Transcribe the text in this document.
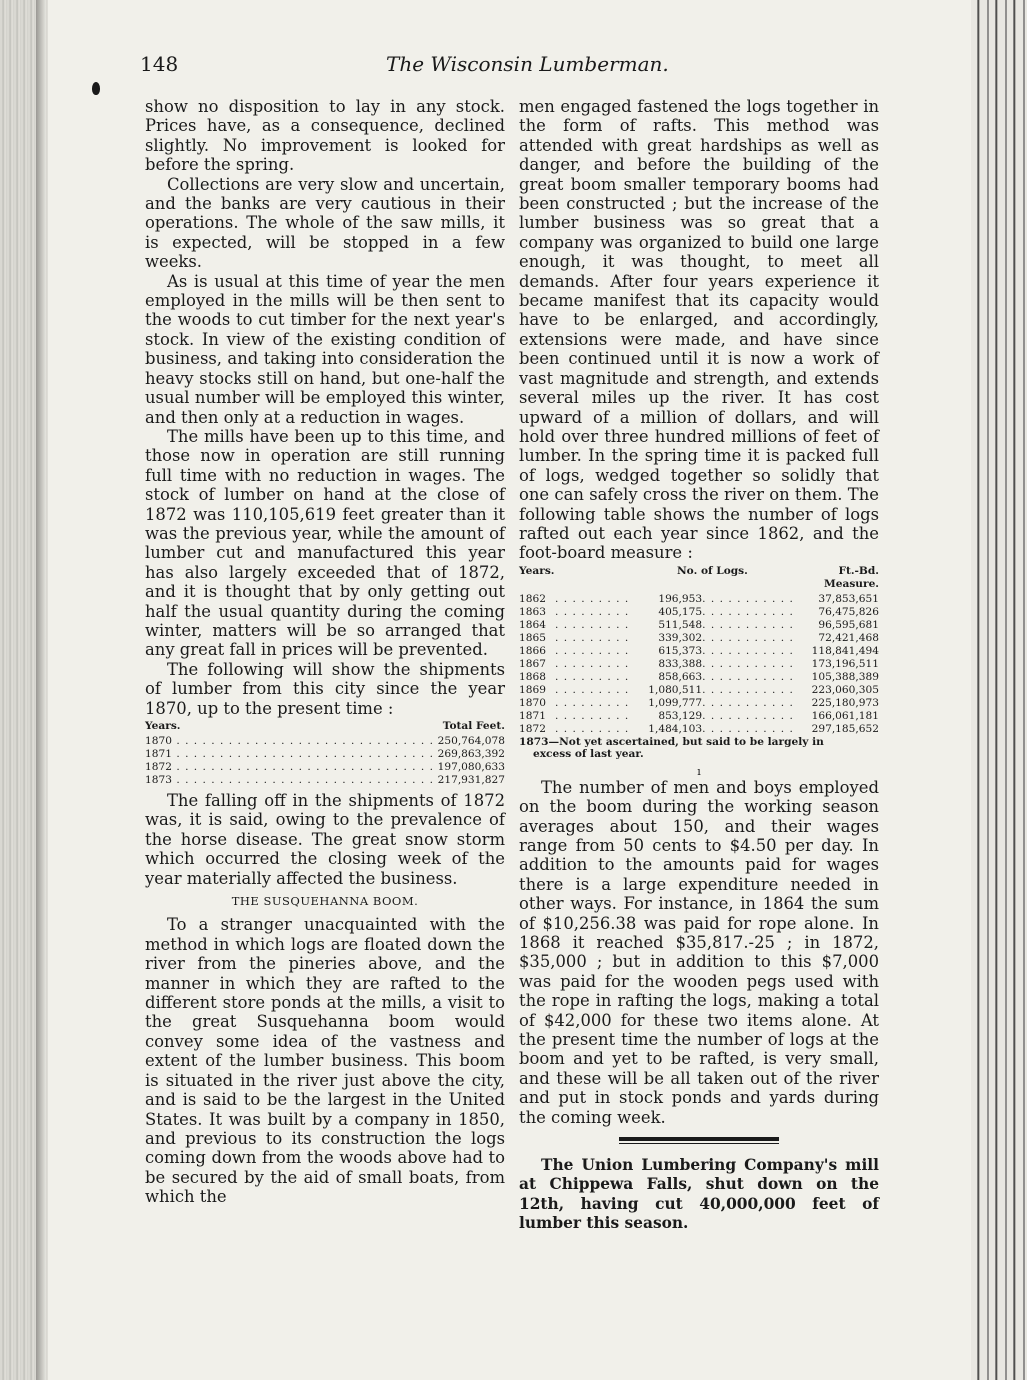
148	The Wisconsin Lumberman.

show no disposition to lay in any stock. Prices have, as a consequence, declined slightly. No improvement is looked for before the spring.

Collections are very slow and uncertain, and the banks are very cautious in their operations. The whole of the saw mills, it is expected, will be stopped in a few weeks.

As is usual at this time of year the men employed in the mills will be then sent to the woods to cut timber for the next year's stock. In view of the existing condition of business, and taking into consideration the heavy stocks still on hand, but one-half the usual number will be employed this winter, and then only at a reduction in wages.

The mills have been up to this time, and those now in operation are still running full time with no reduction in wages. The stock of lumber on hand at the close of 1872 was 110,105,619 feet greater than it was the previous year, while the amount of lumber cut and manufactured this year has also largely exceeded that of 1872, and it is thought that by only getting out half the usual quantity during the coming winter, matters will be so arranged that any great fall in prices will be prevented.

The following will show the shipments of lumber from this city since the year 1870, up to the present time :

Years.	Total Feet.
1870 . . .	250,764,078
1871 . . .	269,863,392
1872 . . .	197,080,633
1873 . . .	217,931,827

The falling off in the shipments of 1872 was, it is said, owing to the prevalence of the horse disease. The great snow storm which occurred the closing week of the year materially affected the business.

THE SUSQUEHANNA BOOM.

To a stranger unacquainted with the method in which logs are floated down the river from the pineries above, and the manner in which they are rafted to the different store ponds at the mills, a visit to the great Susquehanna boom would convey some idea of the vastness and extent of the lumber business. This boom is situated in the river just above the city, and is said to be the largest in the United States. It was built by a company in 1850, and previous to its construction the logs coming down from the woods above had to be secured by the aid of small boats, from which the

men engaged fastened the logs together in the form of rafts. This method was attended with great hardships as well as danger, and before the building of the great boom smaller temporary booms had been constructed ; but the increase of the lumber business was so great that a company was organized to build one large enough, it was thought, to meet all demands. After four years experience it became manifest that its capacity would have to be enlarged, and accordingly, extensions were made, and have since been continued until it is now a work of vast magnitude and strength, and extends several miles up the river. It has cost upward of a million of dollars, and will hold over three hundred millions of feet of lumber. In the spring time it is packed full of logs, wedged together so solidly that one can safely cross the river on them. The following table shows the number of logs rafted out each year since 1862, and the foot-board measure :

Years.	No. of Logs.	Ft.-Bd. Measure.
1862 . . .	196,953 . . .	37,853,651
1863 . . .	405,175 . . .	76,475,826
1864 . . .	511,548 . . .	96,595,681
1865 . . .	339,302 . . .	72,421,468
1866 . . .	615,373 . . .	118,841,494
1867 . . .	833,388 . . .	173,196,511
1868 . . .	858,663 . . .	105,388,389
1869 . . .	1,080,511 . . .	223,060,305
1870 . . .	1,099,777 . . .	225,180,973
1871 . . .	853,129 . . .	166,061,181
1872 . . .	1,484,103 . . .	297,185,652
1873—Not yet ascertained, but said to be largely in
excess of last year.
ı

The number of men and boys employed on the boom during the working season averages about 150, and their wages range from 50 cents to $4.50 per day. In addition to the amounts paid for wages there is a large expenditure needed in other ways. For instance, in 1864 the sum of $10,256.38 was paid for rope alone. In 1868 it reached $35,817.-25 ; in 1872, $35,000 ; but in addition to this $7,000 was paid for the wooden pegs used with the rope in rafting the logs, making a total of $42,000 for these two items alone. At the present time the number of logs at the boom and yet to be rafted, is very small, and these will be all taken out of the river and put in stock ponds and yards during the coming week.

The Union Lumbering Company's mill at Chippewa Falls, shut down on the 12th, having cut 40,000,000 feet of lumber this season.
